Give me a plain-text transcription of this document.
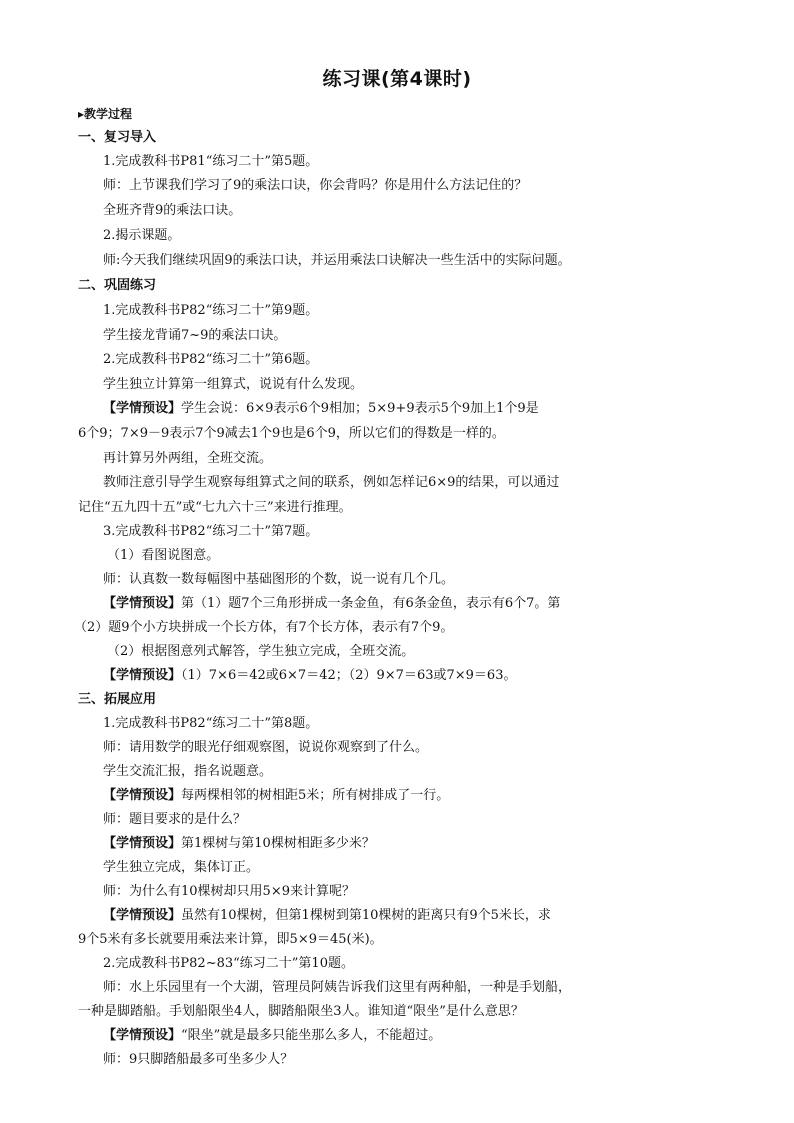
练习课(第4课时)
▸教学过程
一、复习导入
1.完成教科书P81“练习二十”第5题。
师：上节课我们学习了9的乘法口诀，你会背吗？你是用什么方法记住的？
全班齐背9的乘法口诀。
2.揭示课题。
师:今天我们继续巩固9的乘法口诀，并运用乘法口诀解决一些生活中的实际问题。
二、巩固练习
1.完成教科书P82“练习二十”第9题。
学生接龙背诵7~9的乘法口诀。
2.完成教科书P82“练习二十”第6题。
学生独立计算第一组算式，说说有什么发现。
【学情预设】学生会说：6×9表示6个9相加；5×9+9表示5个9加上1个9是
6个9；7×9－9表示7个9减去1个9也是6个9，所以它们的得数是一样的。
再计算另外两组，全班交流。
教师注意引导学生观察每组算式之间的联系，例如怎样记6×9的结果，可以通过
记住“五九四十五”或“七九六十三”来进行推理。
3.完成教科书P82“练习二十”第7题。
（1）看图说图意。
师：认真数一数每幅图中基础图形的个数，说一说有几个几。
【学情预设】第（1）题7个三角形拼成一条金鱼，有6条金鱼，表示有6个7。第
（2）题9个小方块拼成一个长方体，有7个长方体，表示有7个9。
（2）根据图意列式解答，学生独立完成，全班交流。
【学情预设】（1）7×6＝42或6×7＝42；（2）9×7＝63或7×9＝63。
三、拓展应用
1.完成教科书P82“练习二十”第8题。
师：请用数学的眼光仔细观察图，说说你观察到了什么。
学生交流汇报，指名说题意。
【学情预设】每两棵相邻的树相距5米；所有树排成了一行。
师：题目要求的是什么？
【学情预设】第1棵树与第10棵树相距多少米？
学生独立完成，集体订正。
师：为什么有10棵树却只用5×9来计算呢？
【学情预设】虽然有10棵树，但第1棵树到第10棵树的距离只有9个5米长，求
9个5米有多长就要用乘法来计算，即5×9＝45(米)。
2.完成教科书P82~83“练习二十”第10题。
师：水上乐园里有一个大湖，管理员阿姨告诉我们这里有两种船，一种是手划船，
一种是脚踏船。手划船限坐4人，脚踏船限坐3人。谁知道“限坐”是什么意思？
【学情预设】“限坐”就是最多只能坐那么多人，不能超过。
师：9只脚踏船最多可坐多少人？
